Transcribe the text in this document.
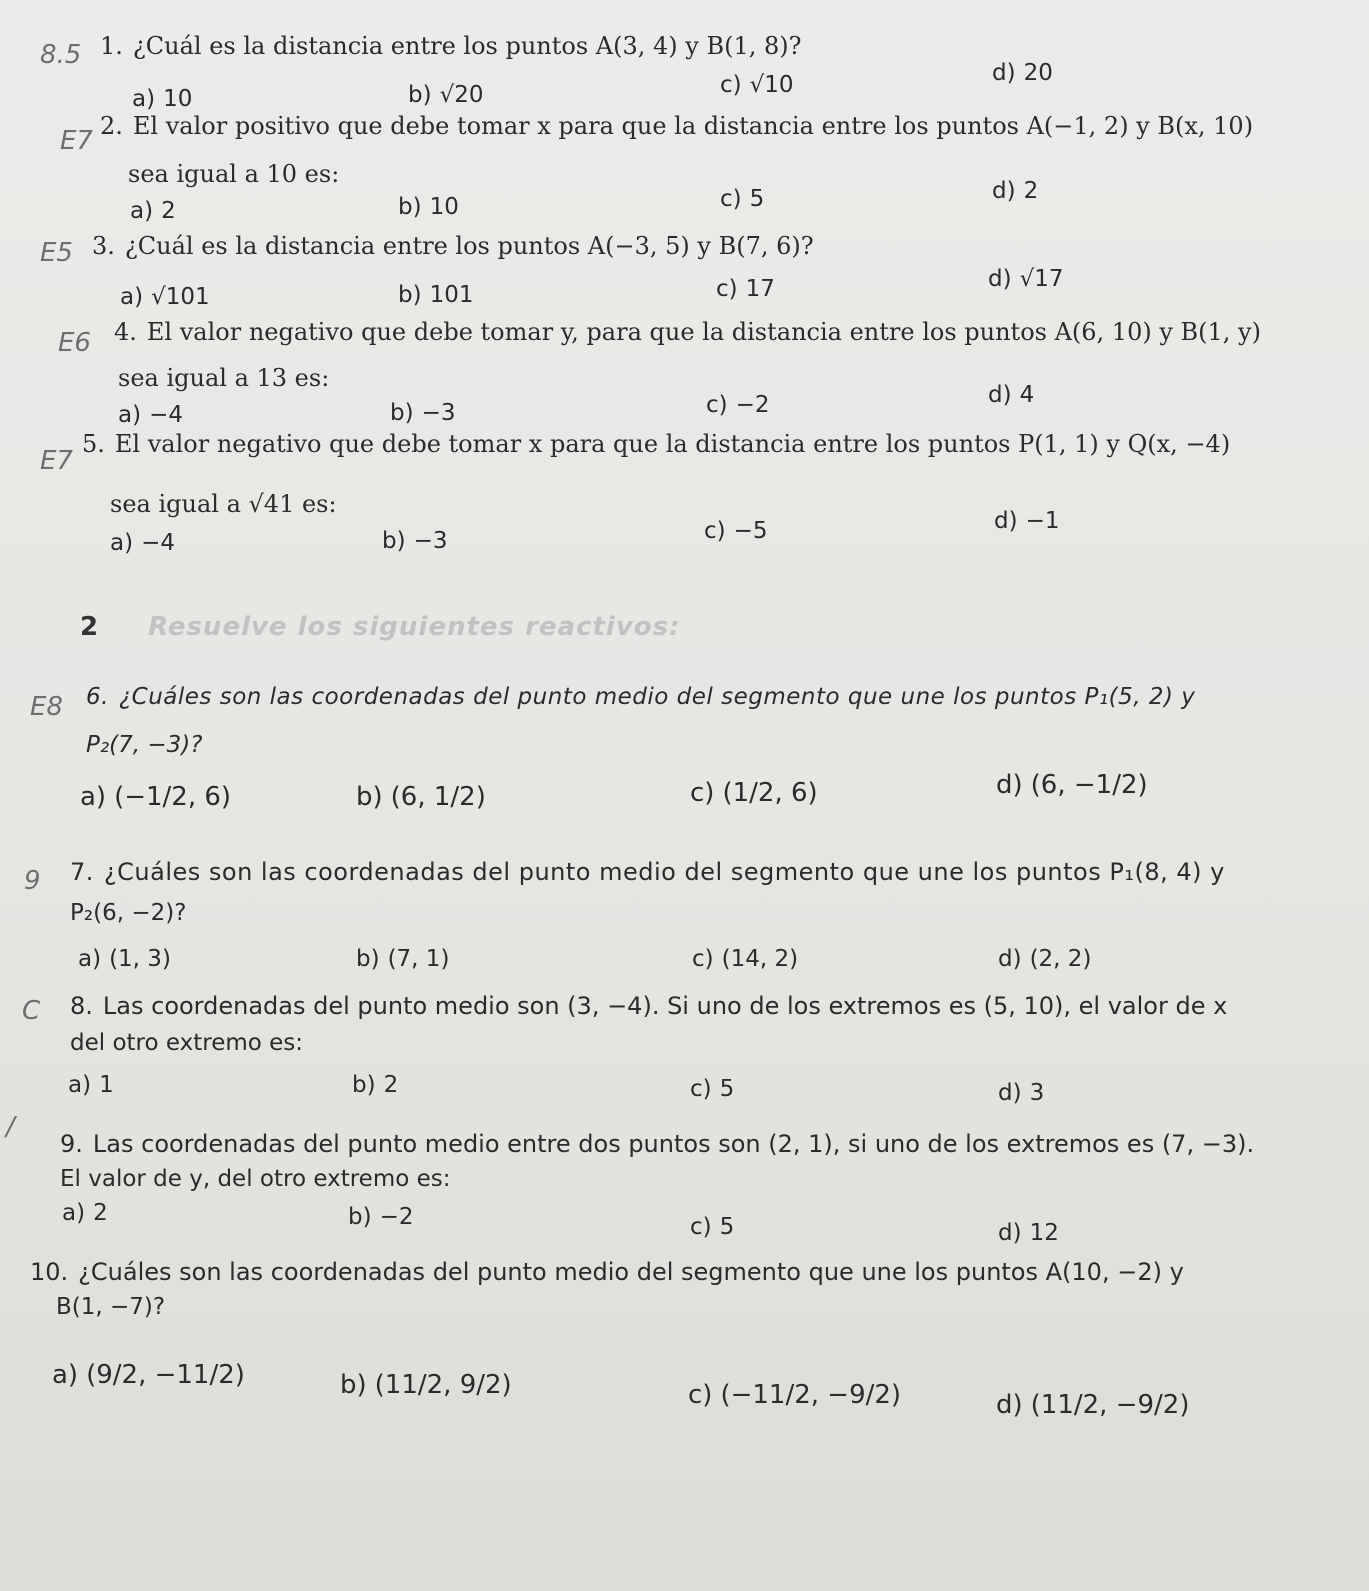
8.5 1. ¿Cuál es la distancia entre los puntos A(3, 4) y B(1, 8)?
a) 10	b) √20	c) √10	d) 20
E7 2. El valor positivo que debe tomar x para que la distancia entre los puntos A(−1, 2) y B(x, 10)
sea igual a 10 es:
a) 2	b) 10	c) 5	d) 2
E5 3. ¿Cuál es la distancia entre los puntos A(−3, 5) y B(7, 6)?
a) √101	b) 101	c) 17	d) √17
E6 4. El valor negativo que debe tomar y, para que la distancia entre los puntos A(6, 10) y B(1, y)
sea igual a 13 es:
a) −4	b) −3	c) −2	d) 4
E7
5. El valor negativo que debe tomar x para que la distancia entre los puntos P(1, 1) y Q(x, −4)
sea igual a √41 es:
a) −4	b) −3	c) −5	d) −1
2 Resuelve los siguientes reactivos:
E8 6. ¿Cuáles son las coordenadas del punto medio del segmento que une los puntos P₁(5, 2) y
P₂(7, −3)?
a) (−1/2, 6)	b) (6, 1/2)	c) (1/2, 6)	d) (6, −1/2)
9 7. ¿Cuáles son las coordenadas del punto medio del segmento que une los puntos P₁(8, 4) y
P₂(6, −2)?
a) (1, 3)	b) (7, 1)	c) (14, 2)	d) (2, 2)
C 8. Las coordenadas del punto medio son (3, −4). Si uno de los extremos es (5, 10), el valor de x
del otro extremo es:
a) 1	b) 2	c) 5	d) 3
/
9. Las coordenadas del punto medio entre dos puntos son (2, 1), si uno de los extremos es (7, −3).
El valor de y, del otro extremo es:
a) 2	b) −2	c) 5	d) 12
10. ¿Cuáles son las coordenadas del punto medio del segmento que une los puntos A(10, −2) y
B(1, −7)?
a) (9/2, −11/2)	b) (11/2, 9/2)	c) (−11/2, −9/2)	d) (11/2, −9/2)
